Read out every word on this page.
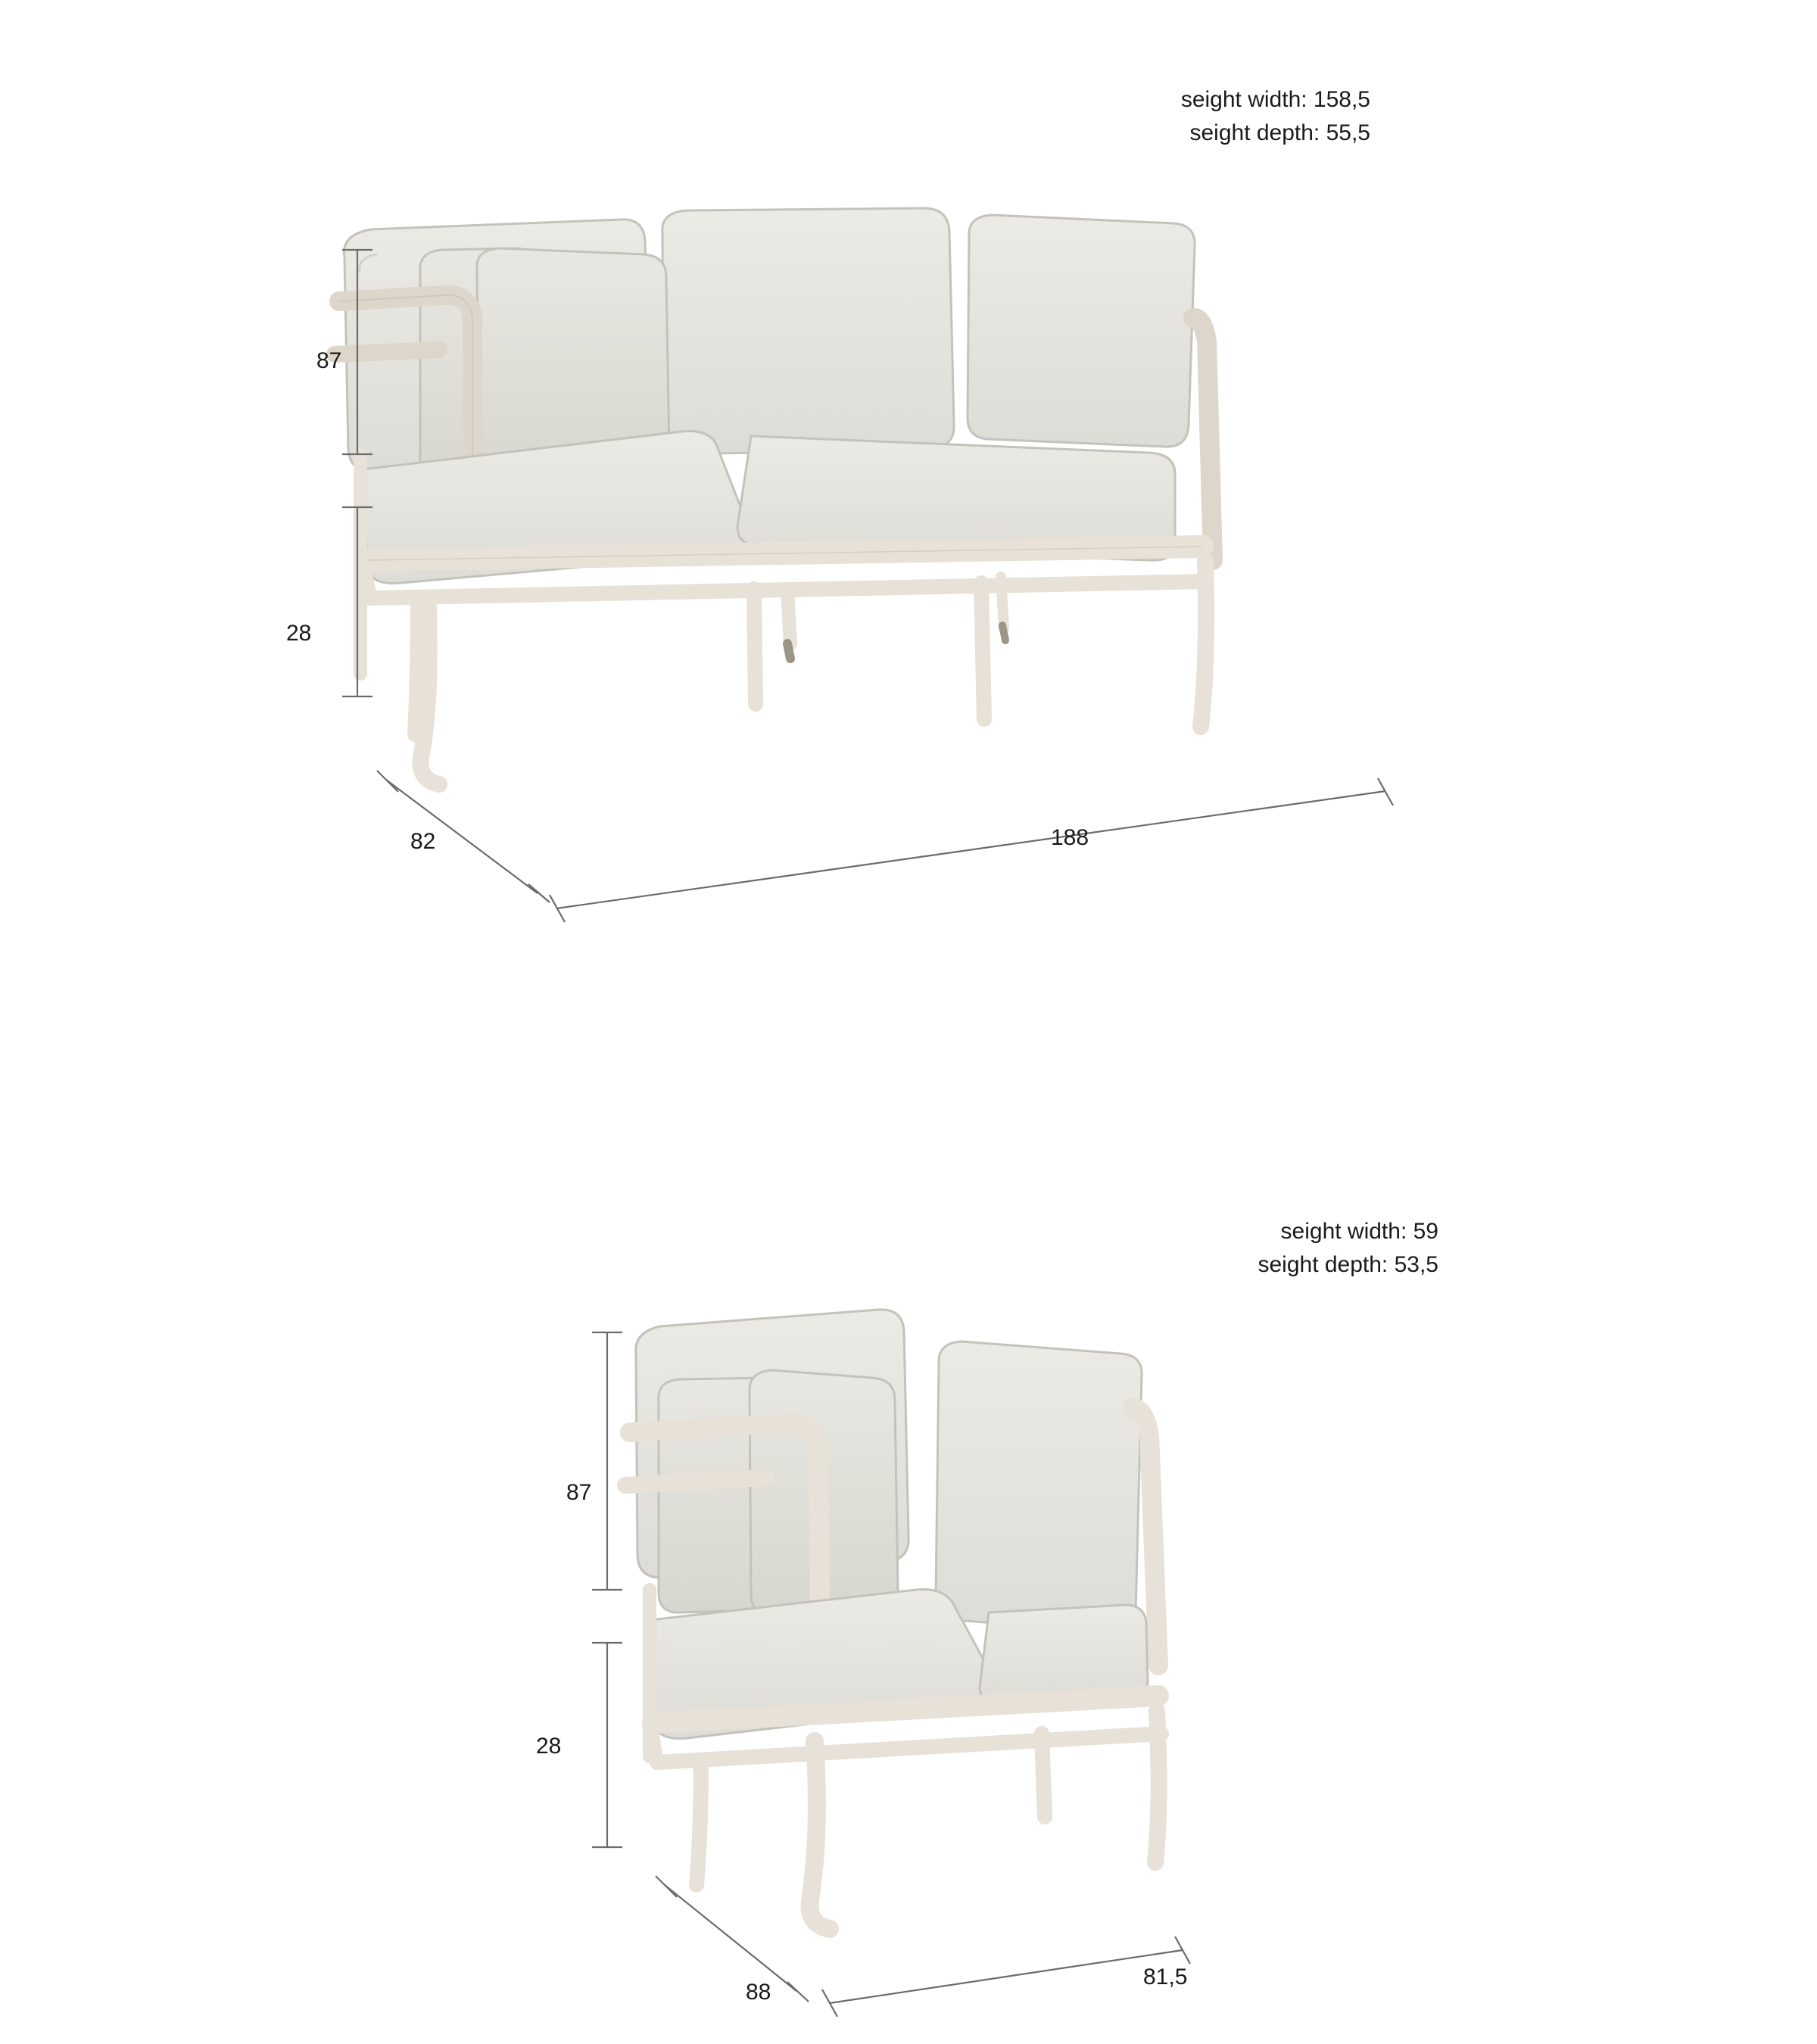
seight width: 158,5
seight depth: 55,5
87
28
82	188
seight width: 59
seight depth: 53,5
87
28
88
81,5
